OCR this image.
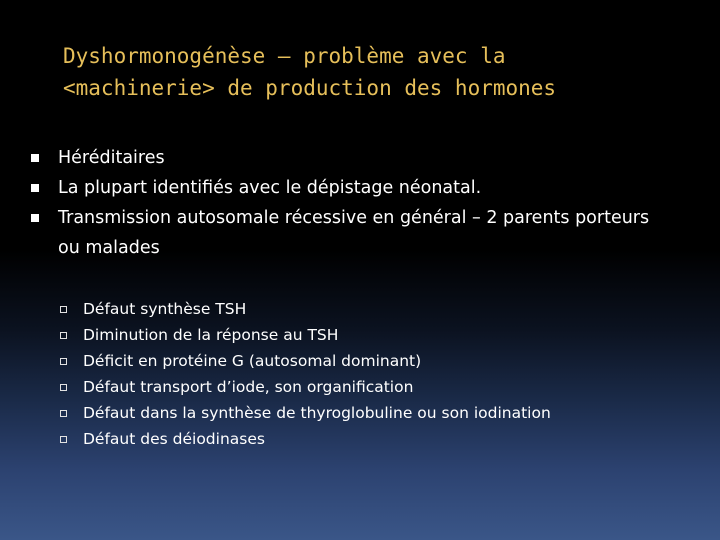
Dyshormonogénèse – problème avec la
<machinerie> de production des hormones
Héréditaires
La plupart identifiés avec le dépistage néonatal.
Transmission autosomale récessive en général – 2 parents porteurs ou malades
Défaut synthèse TSH
Diminution de la réponse au TSH
Déficit en protéine G (autosomal dominant)
Défaut transport d’iode, son organification
Défaut dans la synthèse de thyroglobuline ou son iodination
Défaut des déiodinases
